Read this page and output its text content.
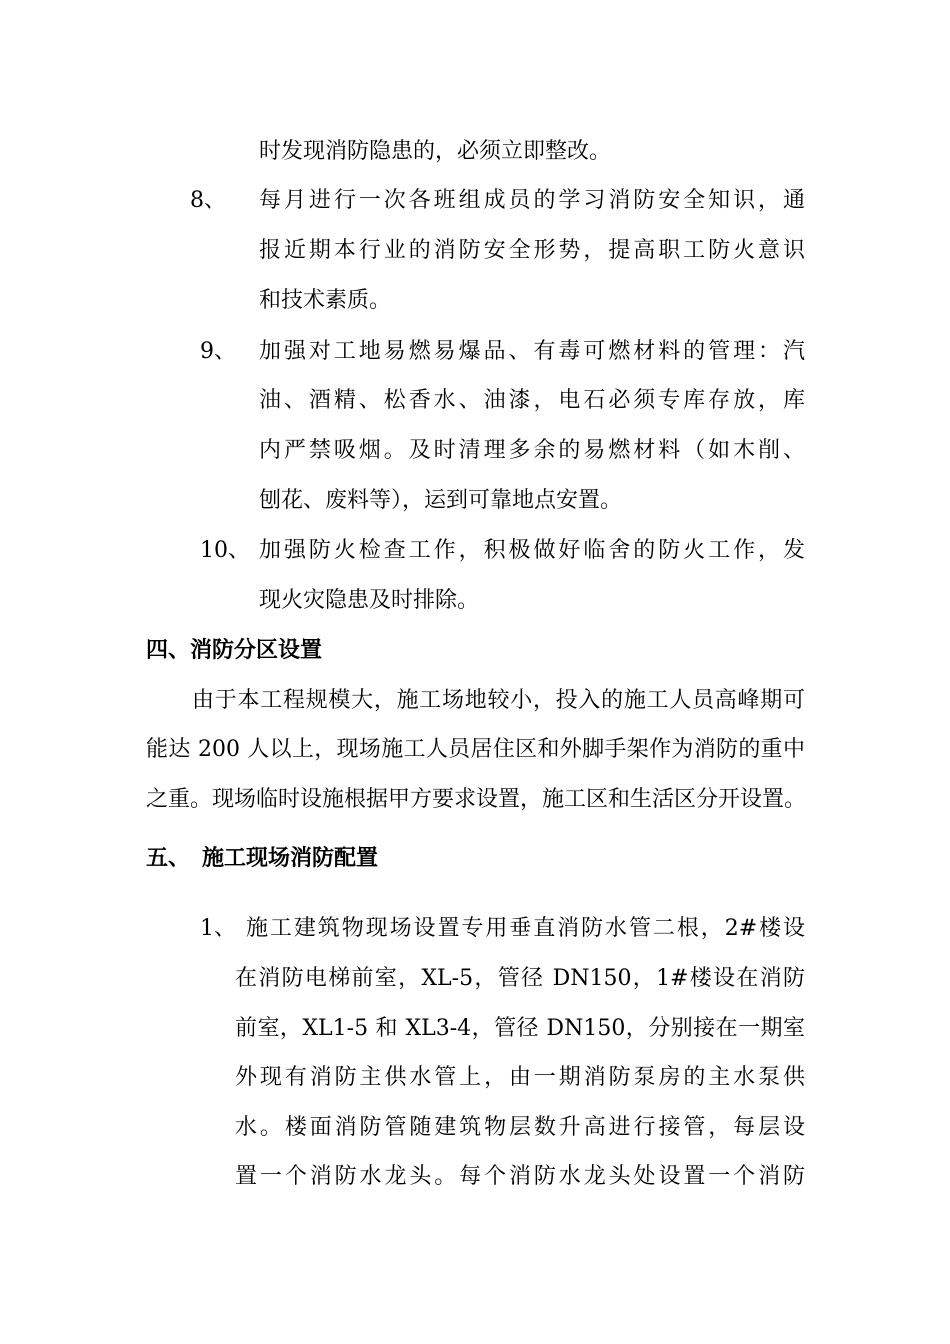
时发现消防隐患的，必须立即整改。

8、	每月进行一次各班组成员的学习消防安全知识，通

报近期本行业的消防安全形势，提高职工防火意识

和技术素质。

9、 加强对工地易燃易爆品、有毒可燃材料的管理：汽

油、酒精、松香水、油漆，电石必须专库存放，库

内严禁吸烟。及时清理多余的易燃材料（如木削、

刨花、废料等），运到可靠地点安置。

10、 加强防火检查工作，积极做好临舍的防火工作，发

现火灾隐患及时排除。

四、消防分区设置

由于本工程规模大，施工场地较小，投入的施工人员高峰期可

能达 200 人以上，现场施工人员居住区和外脚手架作为消防的重中

之重。现场临时设施根据甲方要求设置，施工区和生活区分开设置。

五、 施工现场消防配置

1、 施工建筑物现场设置专用垂直消防水管二根，2#楼设

在消防电梯前室，XL-5，管径 DN150，1#楼设在消防

前室，XL1-5 和 XL3-4，管径 DN150，分别接在一期室

外现有消防主供水管上，由一期消防泵房的主水泵供

水。楼面消防管随建筑物层数升高进行接管，每层设

置一个消防水龙头。每个消防水龙头处设置一个消防
